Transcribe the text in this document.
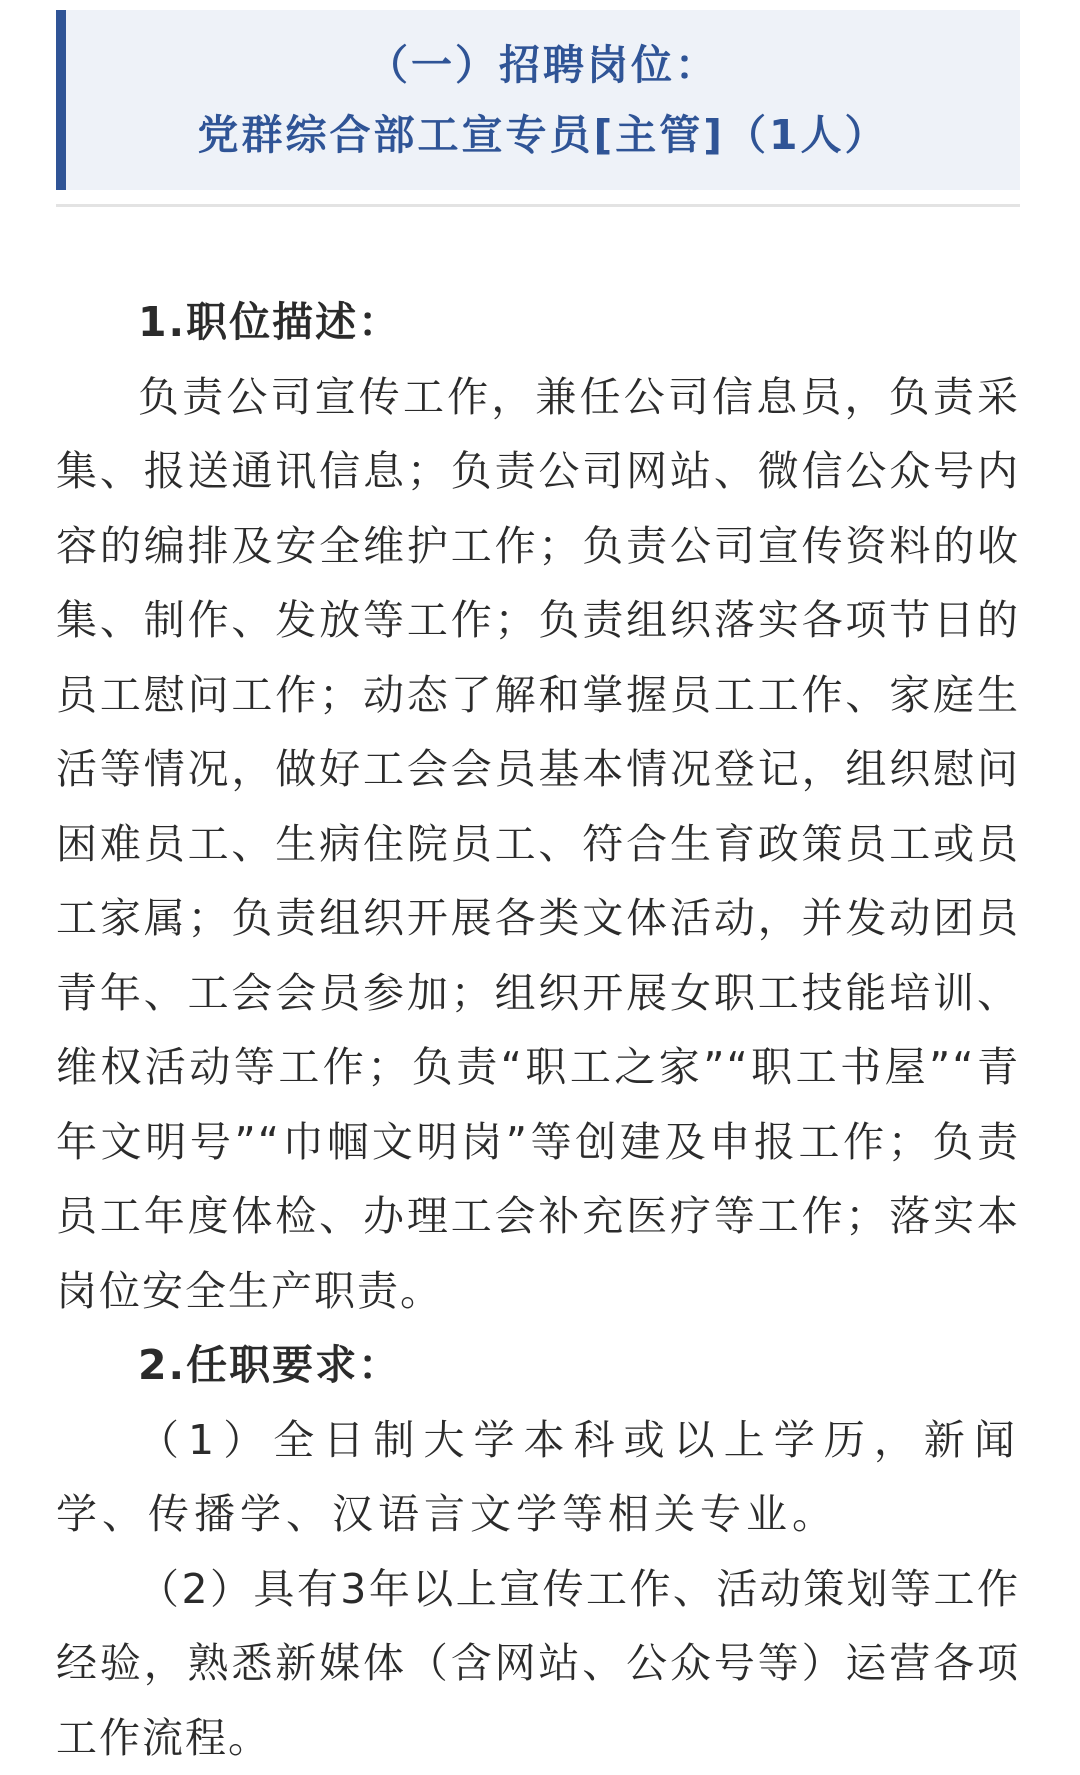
（一）招聘岗位：
党群综合部工宣专员[主管]（1人）

1.职位描述：

负责公司宣传工作，兼任公司信息员，负责采集、报送通讯信息；负责公司网站、微信公众号内容的编排及安全维护工作；负责公司宣传资料的收集、制作、发放等工作；负责组织落实各项节日的员工慰问工作；动态了解和掌握员工工作、家庭生活等情况，做好工会会员基本情况登记，组织慰问困难员工、生病住院员工、符合生育政策员工或员工家属；负责组织开展各类文体活动，并发动团员青年、工会会员参加；组织开展女职工技能培训、维权活动等工作；负责“职工之家”“职工书屋”“青年文明号”“巾帼文明岗”等创建及申报工作；负责员工年度体检、办理工会补充医疗等工作；落实本岗位安全生产职责。

2.任职要求：

（1）全日制大学本科或以上学历，新闻学、传播学、汉语言文学等相关专业。

（2）具有3年以上宣传工作、活动策划等工作经验，熟悉新媒体（含网站、公众号等）运营各项工作流程。
